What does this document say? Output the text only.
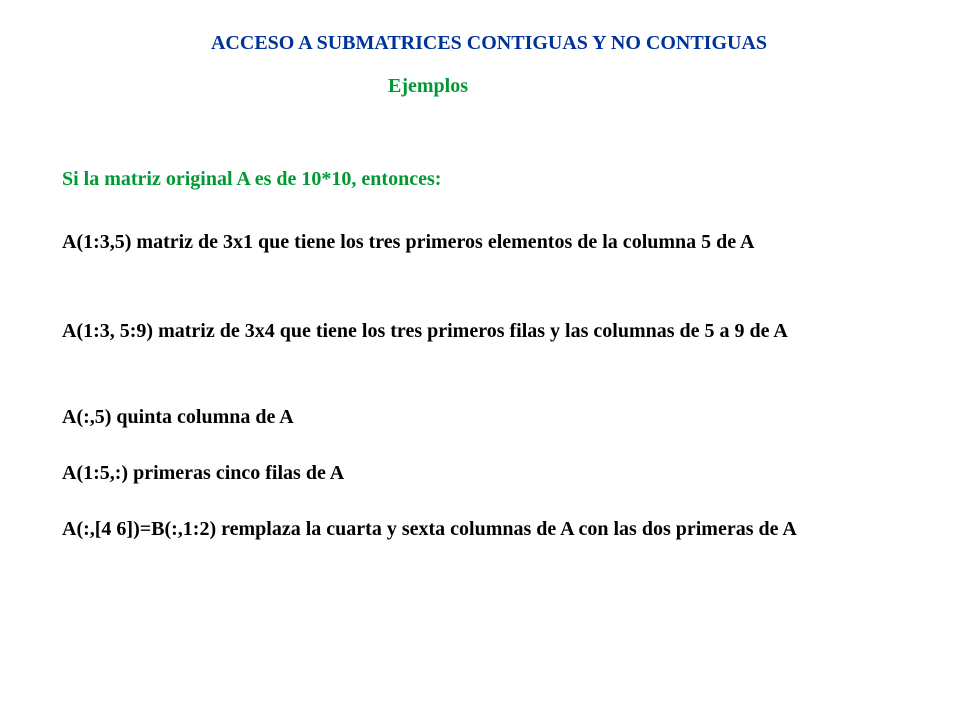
ACCESO A SUBMATRICES CONTIGUAS Y NO CONTIGUAS
Ejemplos
Si la matriz original A es de 10*10, entonces:
A(1:3,5) matriz de 3x1 que tiene los tres primeros elementos de la columna 5 de A
A(1:3, 5:9) matriz de 3x4 que tiene los tres primeros filas y las columnas de 5 a 9 de A
A(:,5) quinta columna de A
A(1:5,:) primeras cinco filas de A
A(:,[4 6])=B(:,1:2) remplaza la cuarta y sexta columnas de A con las dos primeras de A
